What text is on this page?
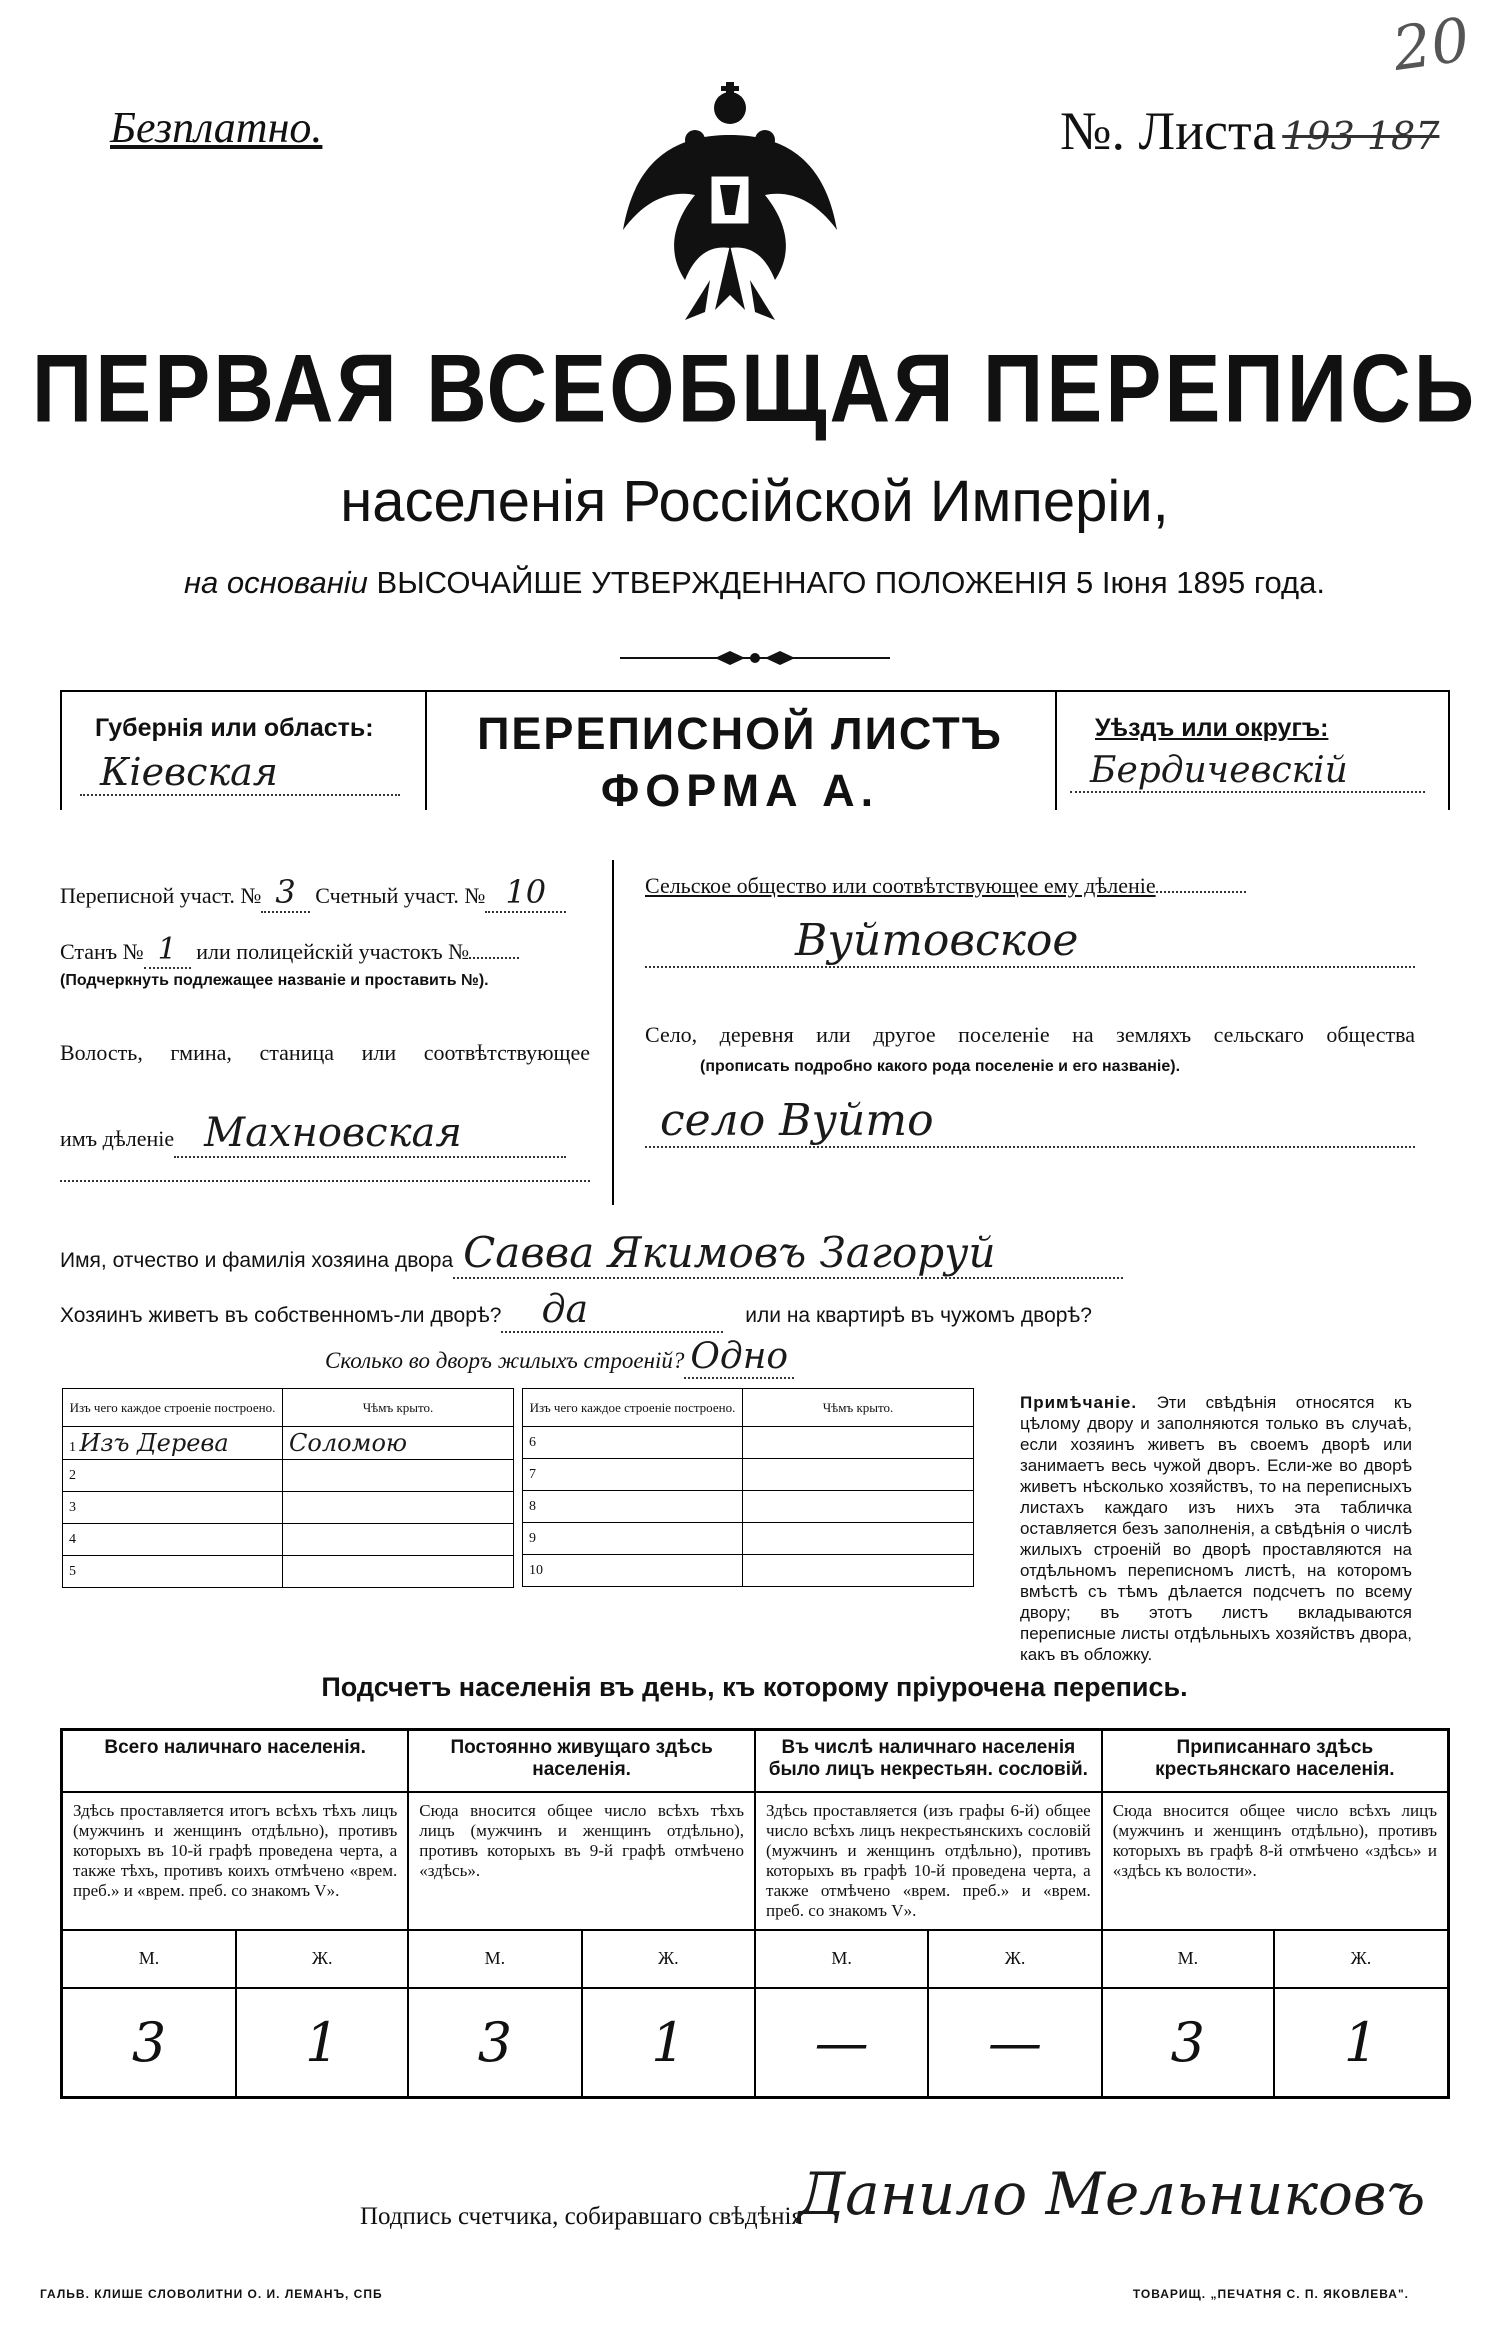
Безплатно.	№. Листа 193 187
20
ПЕРВАЯ ВСЕОБЩАЯ ПЕРЕПИСЬ
населенія Россійской Имперіи,
на основаніи ВЫСОЧАЙШЕ УТВЕРЖДЕННАГО ПОЛОЖЕНІЯ 5 Іюня 1895 года.
Губернія или область:
Кіевская
ПЕРЕПИСНОЙ ЛИСТЪ
ФОРМА А.
Уѣздъ или округъ:
Бердичевскій
Переписной участ. № 3 Счетный участ. № 10
Станъ № 1 или полицейскій участокъ №
(Подчеркнуть подлежащее названіе и проставить №).
Волость, гмина, станица или соотвѣтствующее
имъ дѣленіе Махновская
Сельское общество или соотвѣтствующее ему дѣленіе
Вуйтовское
Село, деревня или другое поселеніе на земляхъ сельскаго общества
(прописать подробно какого рода поселеніе и его названіе).
село Вуйто
Имя, отчество и фамилія хозяина двора Савва Якимовъ Загоруй
Хозяинъ живетъ въ собственномъ-ли дворѣ? да	или на квартирѣ въ чужомъ дворѣ?
Сколько во дворъ жилыхъ строеній? Одно
Изъ чего каждое строеніе построено.	Чѣмъ крыто.
1 Изъ Дерева	Соломою
2	
3	
4	
5	
Изъ чего каждое строеніе построено.	Чѣмъ крыто.
6	
7	
8	
9	
10	
Примѣчаніе. Эти свѣдѣнія относятся къ цѣлому двору и заполняются только въ случаѣ, если хозяинъ живетъ въ своемъ дворѣ или занимаетъ весь чужой дворъ. Если-же во дворѣ живетъ нѣсколько хозяйствъ, то на переписныхъ листахъ каждаго изъ нихъ эта табличка оставляется безъ заполненія, а свѣдѣнія о числѣ жилыхъ строеній во дворѣ проставляются на отдѣльномъ переписномъ листѣ, на которомъ вмѣстѣ съ тѣмъ дѣлается подсчетъ по всему двору; въ этотъ листъ вкладываются переписные листы отдѣльныхъ хозяйствъ двора, какъ въ обложку.
Подсчетъ населенія въ день, къ которому пріурочена перепись.
Всего наличнаго населенія.		Постоянно живущаго здѣсь населенія.		Въ числѣ наличнаго населенія было лицъ некрестьян. сословій.		Приписаннаго здѣсь крестьянскаго населенія.	
Здѣсь проставляется итогъ всѣхъ тѣхъ лицъ (мужчинъ и женщинъ отдѣльно), противъ которыхъ въ 10-й графѣ проведена черта, а также тѣхъ, противъ коихъ отмѣчено «врем. преб.» и «врем. преб. со знакомъ V».		Сюда вносится общее число всѣхъ тѣхъ лицъ (мужчинъ и женщинъ отдѣльно), противъ которыхъ въ 9-й графѣ отмѣчено «здѣсь».		Здѣсь проставляется (изъ графы 6-й) общее число всѣхъ лицъ некрестьянскихъ сословій (мужчинъ и женщинъ отдѣльно), противъ которыхъ въ графѣ 10-й проведена черта, а также отмѣчено «врем. преб.» и «врем. преб. со знакомъ V».		Сюда вносится общее число всѣхъ лицъ (мужчинъ и женщинъ отдѣльно), противъ которыхъ въ графѣ 8-й отмѣчено «здѣсь» и «здѣсь къ волости».	
М.	Ж.	М.	Ж.	М.	Ж.	М.	Ж.
3	1	3	1	—	—	3	1
Подпись счетчика, собиравшаго свѣдѣнія
Данило Мельниковъ
ГАЛЬВ. КЛИШЕ СЛОВОЛИТНИ О. И. ЛЕМАНЪ, СПБ	ТОВАРИЩ. „ПЕЧАТНЯ С. П. ЯКОВЛЕВА".
